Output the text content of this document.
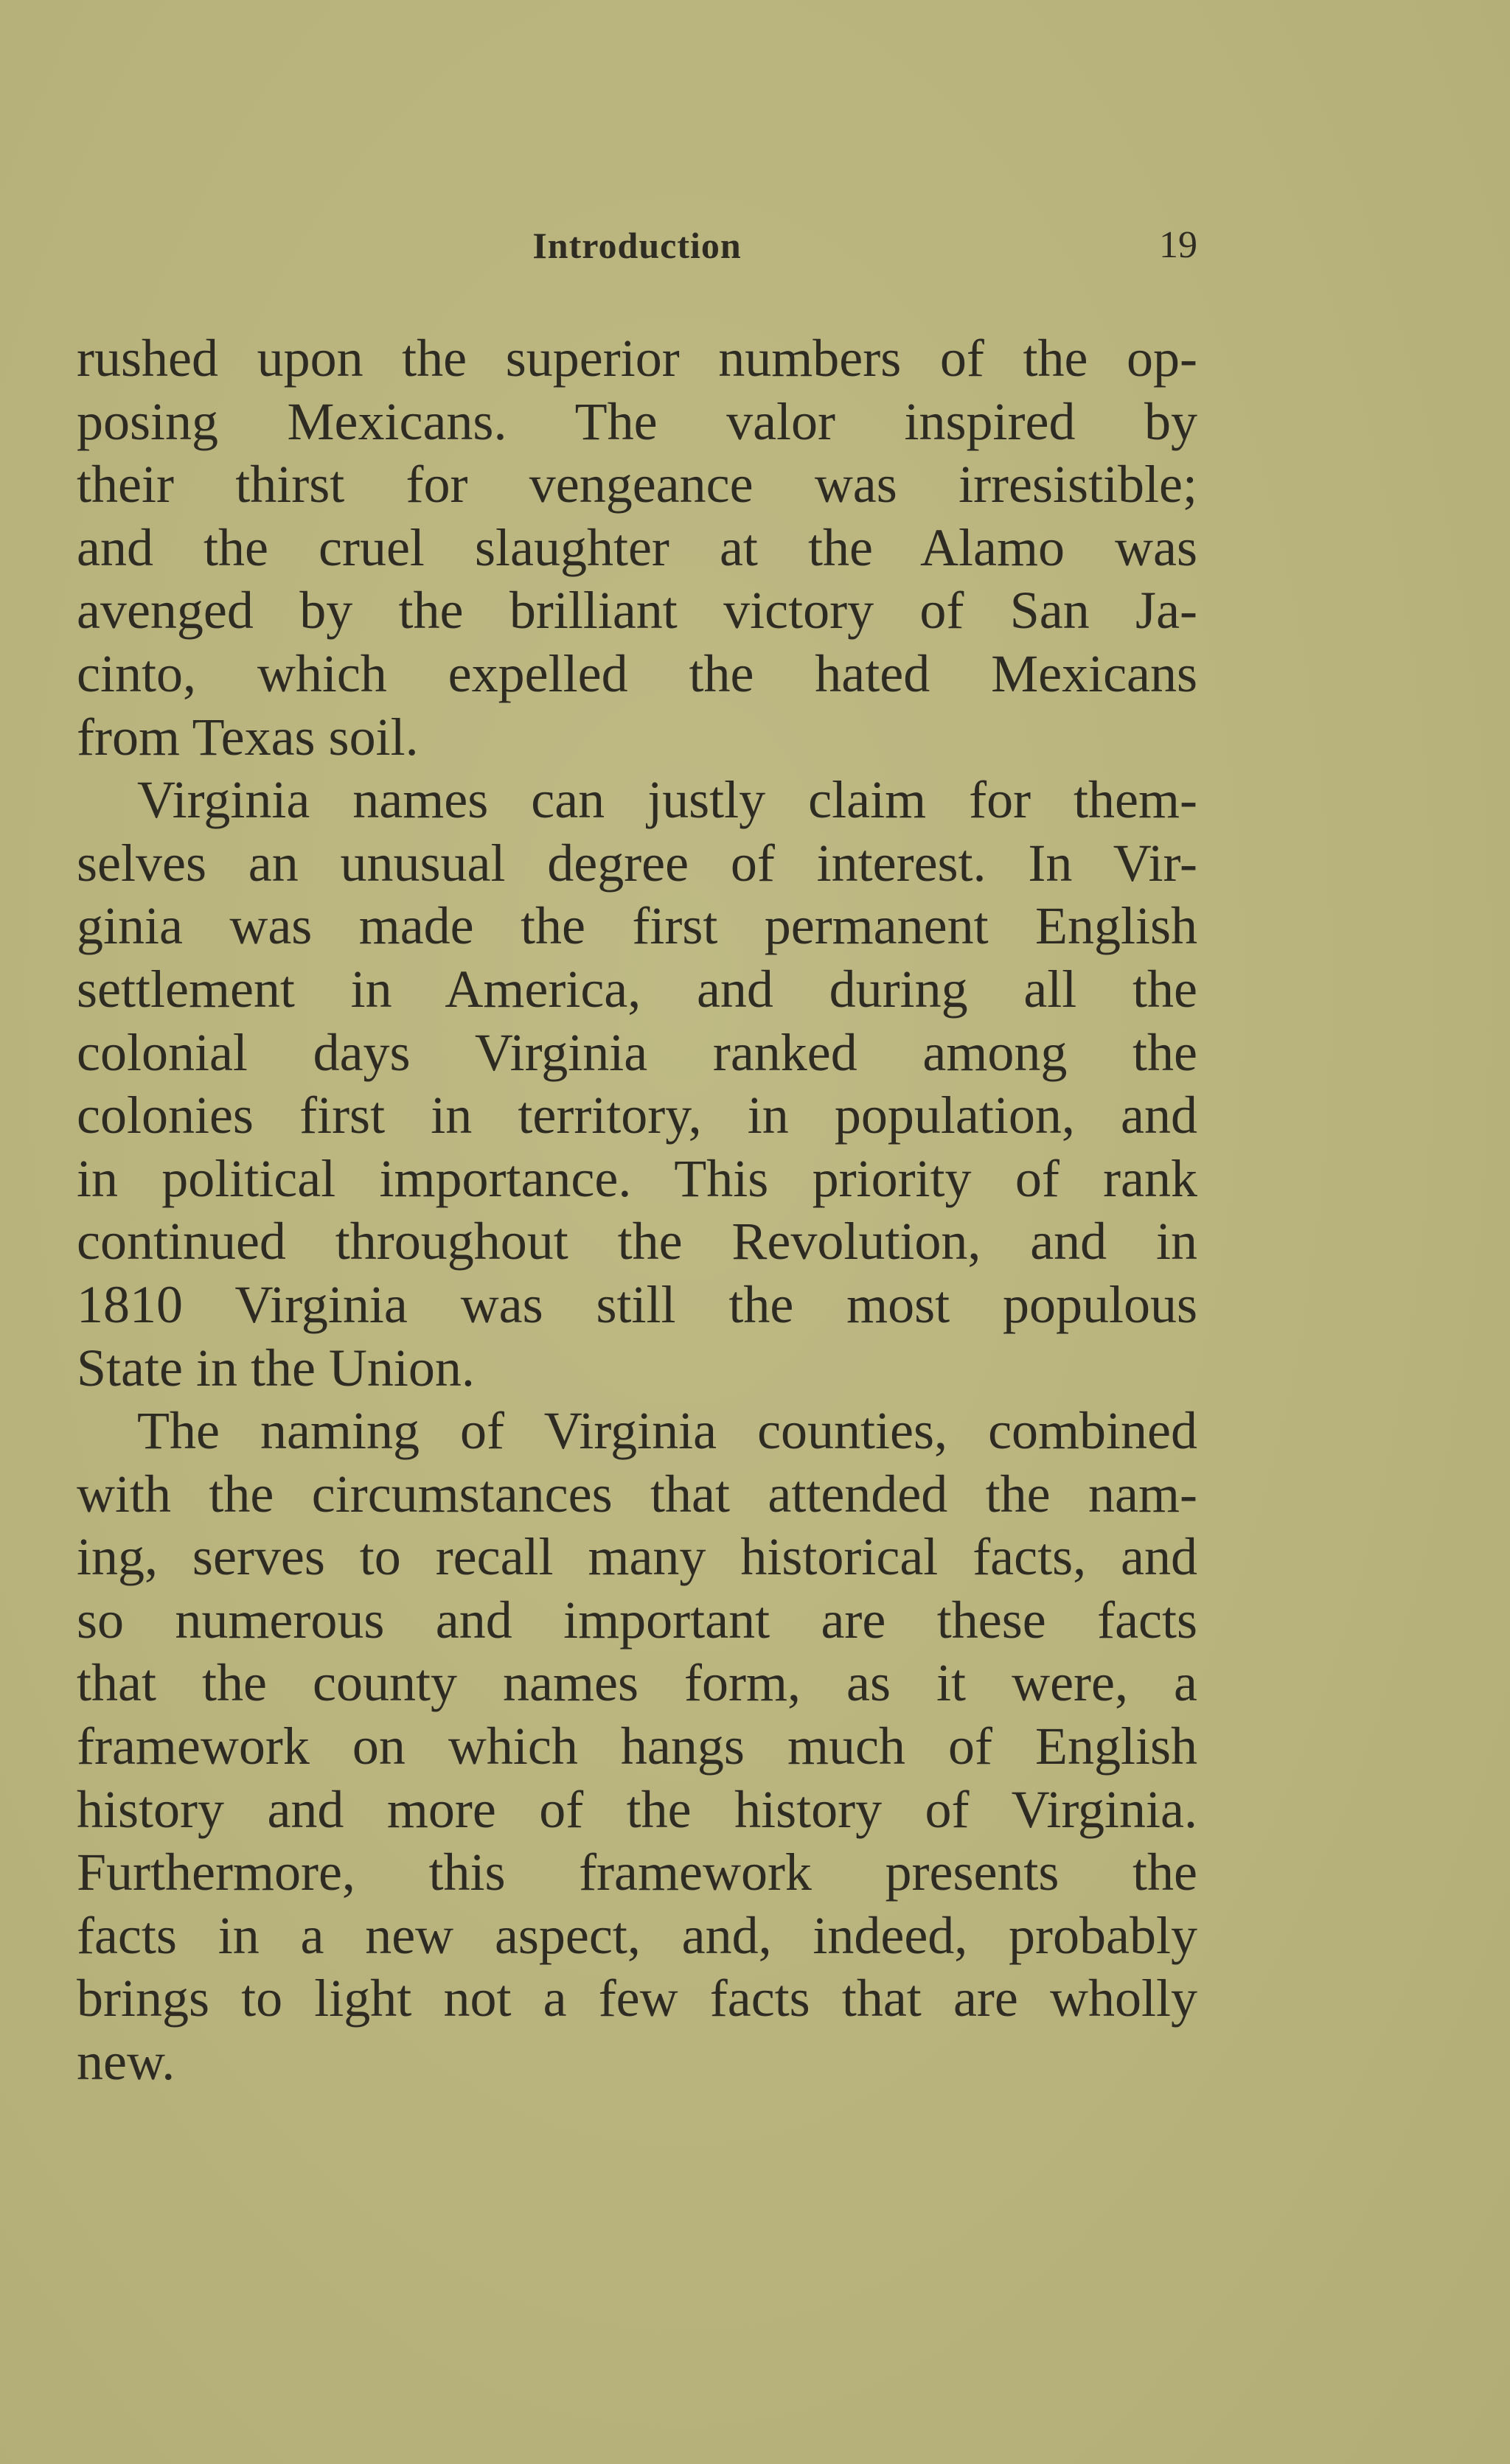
Introduction	19
rushed upon the superior numbers of the op-
posing Mexicans. The valor inspired by
their thirst for vengeance was irresistible;
and the cruel slaughter at the Alamo was
avenged by the brilliant victory of San Ja-
cinto, which expelled the hated Mexicans
from Texas soil.
Virginia names can justly claim for them-
selves an unusual degree of interest. In Vir-
ginia was made the first permanent English
settlement in America, and during all the
colonial days Virginia ranked among the
colonies first in territory, in population, and
in political importance. This priority of rank
continued throughout the Revolution, and in
1810 Virginia was still the most populous
State in the Union.
The naming of Virginia counties, combined
with the circumstances that attended the nam-
ing, serves to recall many historical facts, and
so numerous and important are these facts
that the county names form, as it were, a
framework on which hangs much of English
history and more of the history of Virginia.
Furthermore, this framework presents the
facts in a new aspect, and, indeed, probably
brings to light not a few facts that are wholly
new.
